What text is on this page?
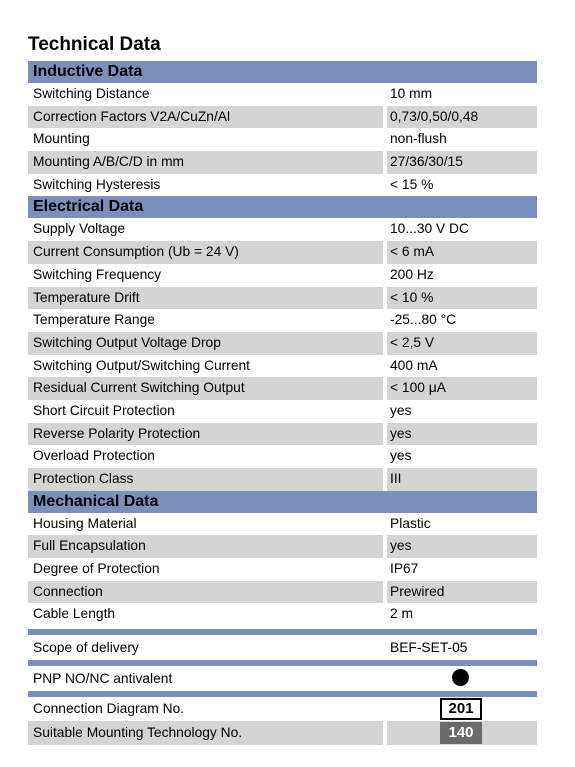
Technical Data
Inductive Data
Switching Distance	10 mm
Correction Factors V2A/CuZn/Al	0,73/0,50/0,48
Mounting	non-flush
Mounting A/B/C/D in mm	27/36/30/15
Switching Hysteresis	< 15 %
Electrical Data
Supply Voltage	10...30 V DC
Current Consumption (Ub = 24 V)	< 6 mA
Switching Frequency	200 Hz
Temperature Drift	< 10 %
Temperature Range	-25...80 °C
Switching Output Voltage Drop	< 2,5 V
Switching Output/Switching Current	400 mA
Residual Current Switching Output	< 100 μA
Short Circuit Protection	yes
Reverse Polarity Protection	yes
Overload Protection	yes
Protection Class	III
Mechanical Data
Housing Material	Plastic
Full Encapsulation	yes
Degree of Protection	IP67
Connection	Prewired
Cable Length	2 m
Scope of delivery	BEF-SET-05
PNP NO/NC antivalent
Connection Diagram No.	201
Suitable Mounting Technology No.	140
